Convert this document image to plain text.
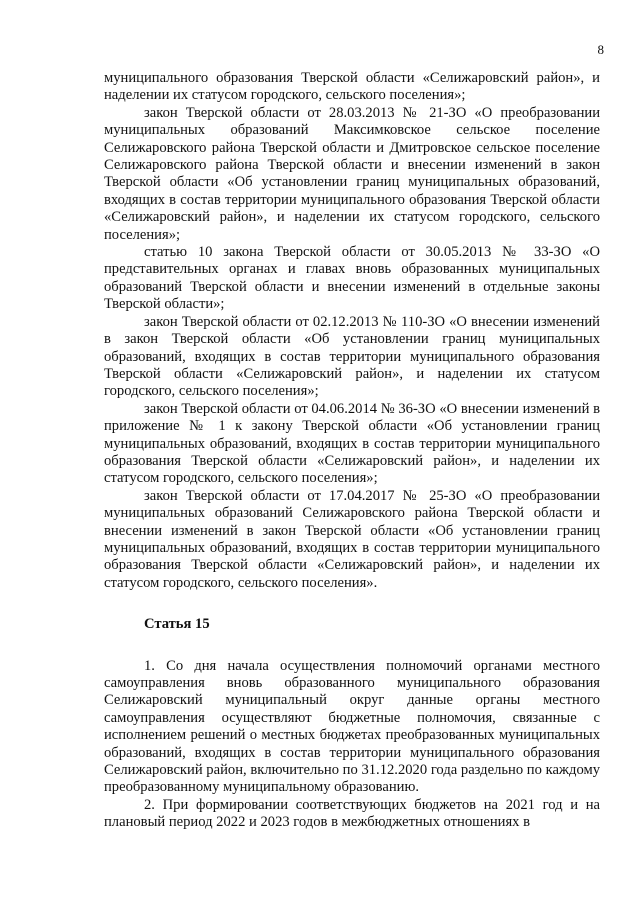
8

муниципального образования Тверской области «Селижаровский район», и наделении их статусом городского, сельского поселения»;

закон Тверской области от 28.03.2013 № 21-ЗО «О преобразовании муниципальных образований Максимковское сельское поселение Селижаровского района Тверской области и Дмитровское сельское поселение Селижаровского района Тверской области и внесении изменений в закон Тверской области «Об установлении границ муниципальных образований, входящих в состав территории муниципального образования Тверской области «Селижаровский район», и наделении их статусом городского, сельского поселения»;

статью 10 закона Тверской области от 30.05.2013 № 33-ЗО «О представительных органах и главах вновь образованных муниципальных образований Тверской области и внесении изменений в отдельные законы Тверской области»;

закон Тверской области от 02.12.2013 № 110-ЗО «О внесении изменений в закон Тверской области «Об установлении границ муниципальных образований, входящих в состав территории муниципального образования Тверской области «Селижаровский район», и наделении их статусом городского, сельского поселения»;

закон Тверской области от 04.06.2014 № 36-ЗО «О внесении изменений в приложение № 1 к закону Тверской области «Об установлении границ муниципальных образований, входящих в состав территории муниципального образования Тверской области «Селижаровский район», и наделении их статусом городского, сельского поселения»;

закон Тверской области от 17.04.2017 № 25-ЗО «О преобразовании муниципальных образований Селижаровского района Тверской области и внесении изменений в закон Тверской области «Об установлении границ муниципальных образований, входящих в состав территории муниципального образования Тверской области «Селижаровский район», и наделении их статусом городского, сельского поселения».

Статья 15

1. Со дня начала осуществления полномочий органами местного самоуправления вновь образованного муниципального образования Селижаровский муниципальный округ данные органы местного самоуправления осуществляют бюджетные полномочия, связанные с исполнением решений о местных бюджетах преобразованных муниципальных образований, входящих в состав территории муниципального образования Селижаровский район, включительно по 31.12.2020 года раздельно по каждому преобразованному муниципальному образованию.

2. При формировании соответствующих бюджетов на 2021 год и на плановый период 2022 и 2023 годов в межбюджетных отношениях в
